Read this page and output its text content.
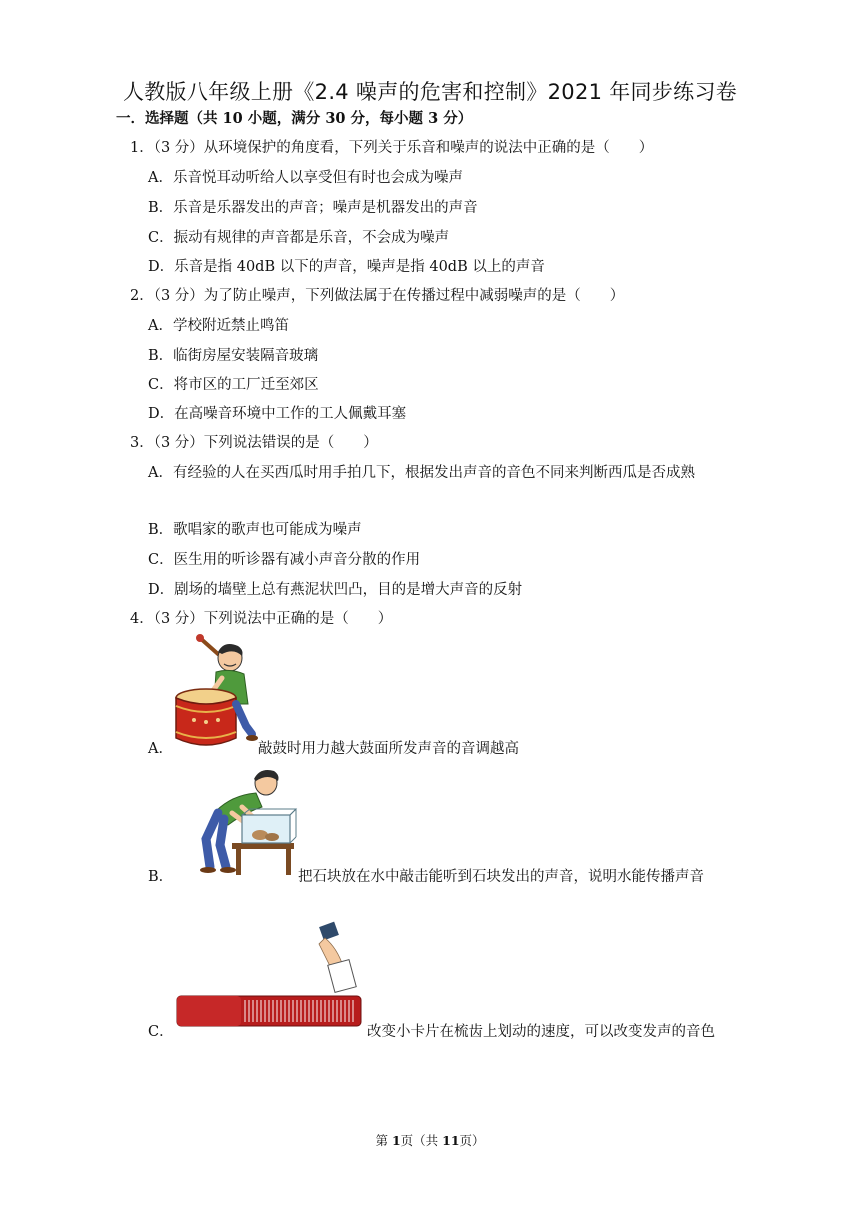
人教版八年级上册《2.4 噪声的危害和控制》2021 年同步练习卷
一．选择题（共 10 小题，满分 30 分，每小题 3 分）
1．（3 分）从环境保护的角度看，下列关于乐音和噪声的说法中正确的是（　　）
A．乐音悦耳动听给人以享受但有时也会成为噪声
B．乐音是乐器发出的声音；噪声是机器发出的声音
C．振动有规律的声音都是乐音，不会成为噪声
D．乐音是指 40dB 以下的声音，噪声是指 40dB 以上的声音
2．（3 分）为了防止噪声，下列做法属于在传播过程中减弱噪声的是（　　）
A．学校附近禁止鸣笛
B．临街房屋安装隔音玻璃
C．将市区的工厂迁至郊区
D．在高噪音环境中工作的工人佩戴耳塞
3．（3 分）下列说法错误的是（　　）
A．有经验的人在买西瓜时用手拍几下，根据发出声音的音色不同来判断西瓜是否成熟
B．歌唱家的歌声也可能成为噪声
C．医生用的听诊器有减小声音分散的作用
D．剧场的墙壁上总有燕泥状凹凸，目的是增大声音的反射
4．（3 分）下列说法中正确的是（　　）
A．	敲鼓时用力越大鼓面所发声音的音调越高
B．	把石块放在水中敲击能听到石块发出的声音，说明水能传播声音
C．	改变小卡片在梳齿上划动的速度，可以改变发声的音色
第 1页（共 11页）
